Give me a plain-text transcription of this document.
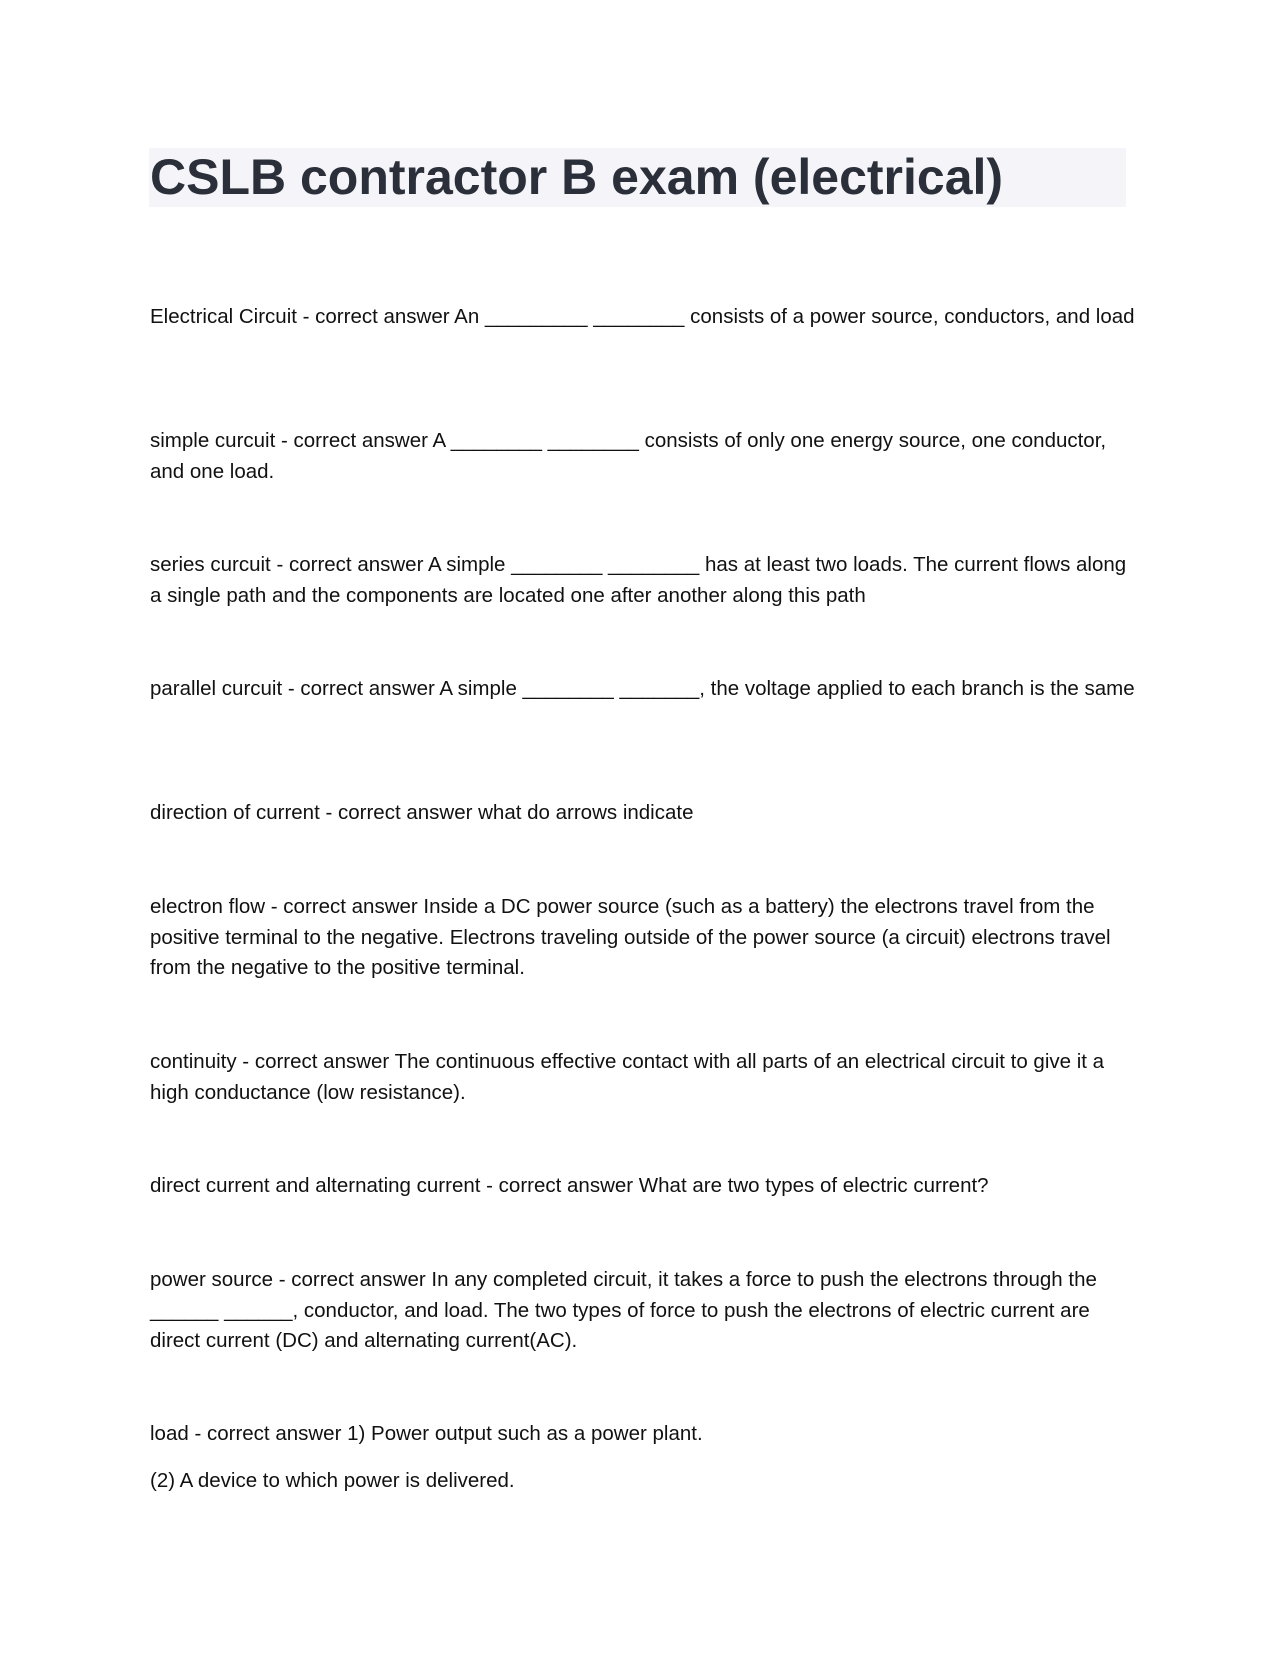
CSLB contractor B exam (electrical)

Electrical Circuit - correct answer An _________ ________ consists of a power source, conductors, and load

simple curcuit - correct answer A ________ ________ consists of only one energy source, one conductor, and one load.

series curcuit - correct answer A simple ________ ________ has at least two loads. The current flows along a single path and the components are located one after another along this path

parallel curcuit - correct answer A simple ________ _______, the voltage applied to each branch is the same

direction of current - correct answer what do arrows indicate

electron flow - correct answer Inside a DC power source (such as a battery) the electrons travel from the positive terminal to the negative. Electrons traveling outside of the power source (a circuit) electrons travel from the negative to the positive terminal.

continuity - correct answer The continuous effective contact with all parts of an electrical circuit to give it a high conductance (low resistance).

direct current and alternating current - correct answer What are two types of electric current?

power source - correct answer In any completed circuit, it takes a force to push the electrons through the ______ ______, conductor, and load. The two types of force to push the electrons of electric current are direct current (DC) and alternating current(AC).

load - correct answer 1) Power output such as a power plant.

(2) A device to which power is delivered.
